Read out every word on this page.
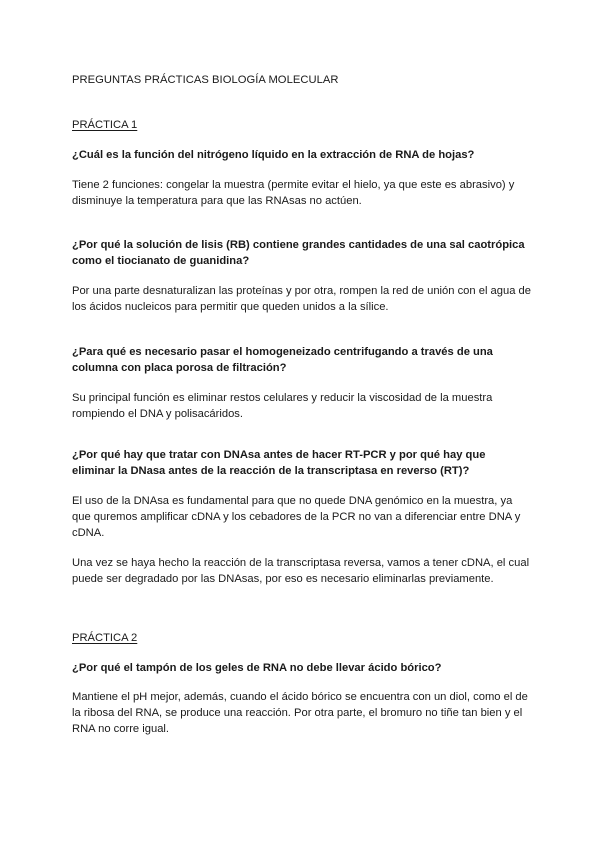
PREGUNTAS PRÁCTICAS BIOLOGÍA MOLECULAR

PRÁCTICA 1

¿Cuál es la función del nitrógeno líquido en la extracción de RNA de hojas?

Tiene 2 funciones: congelar la muestra (permite evitar el hielo, ya que este es abrasivo) y

disminuye la temperatura para que las RNAsas no actúen.

¿Por qué la solución de lisis (RB) contiene grandes cantidades de una sal caotrópica

como el tiocianato de guanidina?

Por una parte desnaturalizan las proteínas y por otra, rompen la red de unión con el agua de

los ácidos nucleicos para permitir que queden unidos a la sílice.

¿Para qué es necesario pasar el homogeneizado centrifugando a través de una

columna con placa porosa de filtración?

Su principal función es eliminar restos celulares y reducir la viscosidad de la muestra

rompiendo el DNA y polisacáridos.

¿Por qué hay que tratar con DNAsa antes de hacer RT-PCR y por qué hay que

eliminar la DNasa antes de la reacción de la transcriptasa en reverso (RT)?

El uso de la DNAsa es fundamental para que no quede DNA genómico en la muestra, ya

que quremos amplificar cDNA y los cebadores de la PCR no van a diferenciar entre DNA y

cDNA.

Una vez se haya hecho la reacción de la transcriptasa reversa, vamos a tener cDNA, el cual

puede ser degradado por las DNAsas, por eso es necesario eliminarlas previamente.

PRÁCTICA 2

¿Por qué el tampón de los geles de RNA no debe llevar ácido bórico?

Mantiene el pH mejor, además, cuando el ácido bórico se encuentra con un diol, como el de

la ribosa del RNA, se produce una reacción. Por otra parte, el bromuro no tiñe tan bien y el

RNA no corre igual.
